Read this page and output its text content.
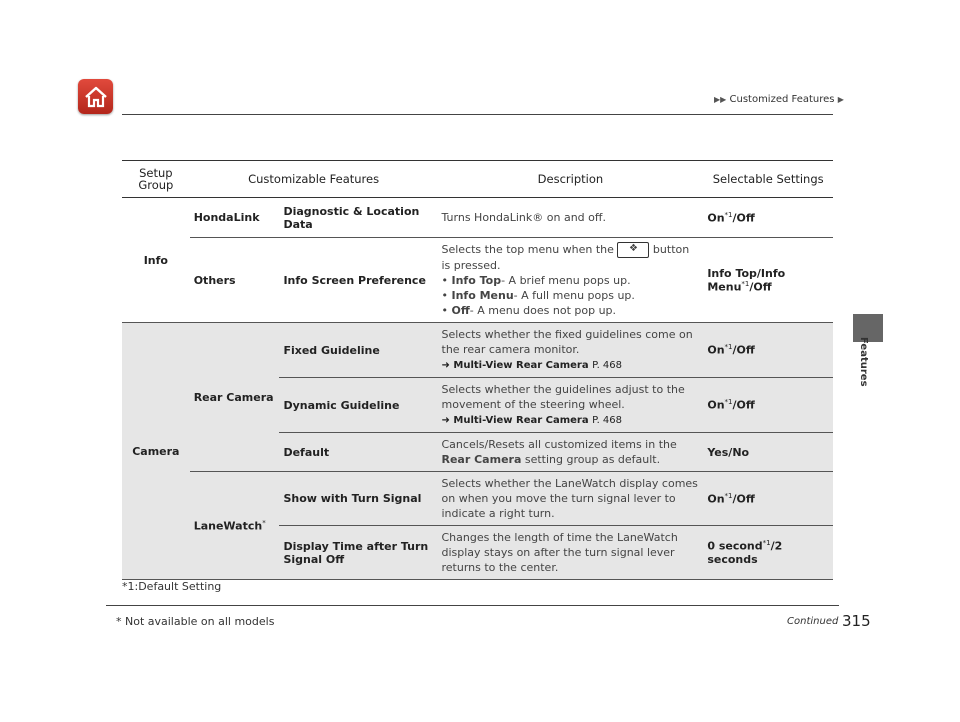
▶▶ Customized Features ▶
Features
Setup Group	Customizable Features		Description	Selectable Settings
Info	HondaLink	Diagnostic & Location Data	Turns HondaLink® on and off.	On$^{*1}$/Off
	Others	Info Screen Preference	Selects the top menu when the ❖ button is pressed.
• Info Top- A brief menu pops up.
• Info Menu- A full menu pops up.
• Off- A menu does not pop up.	Info Top/Info Menu$^{*1}$/Off
Camera	Rear Camera	Fixed Guideline	Selects whether the fixed guidelines come on the rear camera monitor.
➜ Multi-View Rear Camera P. 468	On$^{*1}$/Off
		Dynamic Guideline	Selects whether the guidelines adjust to the movement of the steering wheel.
➜ Multi-View Rear Camera P. 468	On$^{*1}$/Off
		Default	Cancels/Resets all customized items in the Rear Camera setting group as default.	Yes/No
	LaneWatch*	Show with Turn Signal	Selects whether the LaneWatch display comes on when you move the turn signal lever to indicate a right turn.	On$^{*1}$/Off
		Display Time after Turn Signal Off	Changes the length of time the LaneWatch display stays on after the turn signal lever returns to the center.	0 second$^{*1}$/2 seconds
*1:Default Setting
* Not available on all models	Continued 315
